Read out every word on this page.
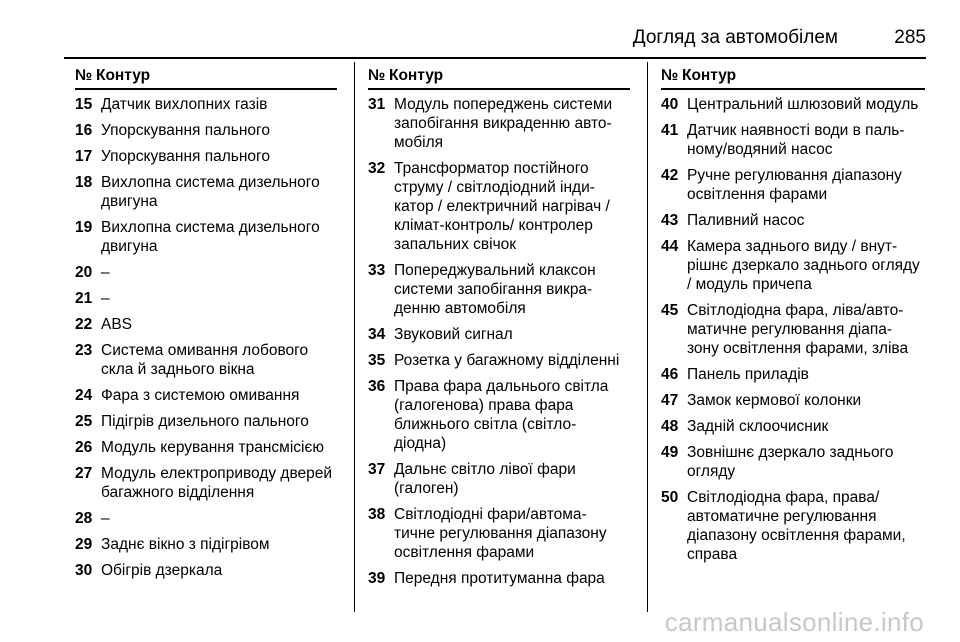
Догляд за автомобілем	285
№ Контур
15 Датчик вихлопних газів
16 Упорскування пального
17 Упорскування пального
18 Вихлопна система дизельного двигуна
19 Вихлопна система дизельного двигуна
20 –
21 –
22 ABS
23 Система омивання лобового скла й заднього вікна
24 Фара з системою омивання
25 Підігрів дизельного пального
26 Модуль керування трансмісією
27 Модуль електроприводу дверей багажного відділення
28 –
29 Заднє вікно з підігрівом
30 Обігрів дзеркала
№ Контур
31 Модуль попереджень системи запобігання викраденню авто- мобіля
32 Трансформатор постійного струму / світлодіодний інди- катор / електричний нагрівач / клімат-контроль/ контролер запальних свічок
33 Попереджувальний клаксон системи запобігання викра- денню автомобіля
34 Звуковий сигнал
35 Розетка у багажному відділенні
36 Права фара дальнього світла (галогенова) права фара ближнього світла (світло- діодна)
37 Дальнє світло лівої фари (галоген)
38 Світлодіодні фари/автома- тичне регулювання діапазону освітлення фарами
39 Передня протитуманна фара
№ Контур
40 Центральний шлюзовий модуль
41 Датчик наявності води в паль- ному/водяний насос
42 Ручне регулювання діапазону освітлення фарами
43 Паливний насос
44 Камера заднього виду / внут- рішнє дзеркало заднього огляду / модуль причепа
45 Світлодіодна фара, ліва/авто- матичне регулювання діапа- зону освітлення фарами, зліва
46 Панель приладів
47 Замок кермової колонки
48 Задній склоочисник
49 Зовнішнє дзеркало заднього огляду
50 Світлодіодна фара, права/ автоматичне регулювання діапазону освітлення фарами, справа
carmanualsonline.info
